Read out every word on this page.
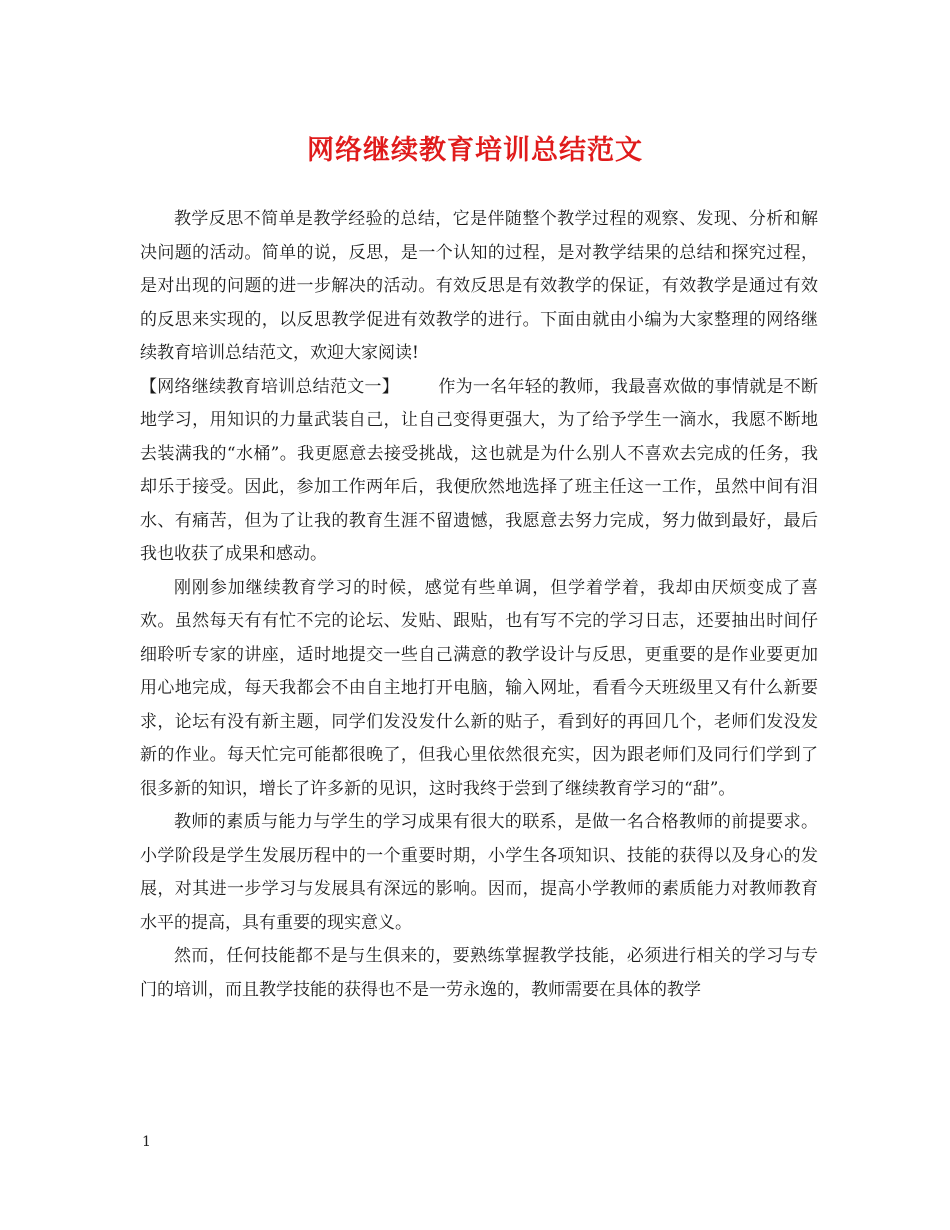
网络继续教育培训总结范文

教学反思不简单是教学经验的总结，它是伴随整个教学过程的观察、发现、分析和解决问题的活动。简单的说，反思，是一个认知的过程，是对教学结果的总结和探究过程，是对出现的问题的进一步解决的活动。有效反思是有效教学的保证，有效教学是通过有效的反思来实现的，以反思教学促进有效教学的进行。下面由就由小编为大家整理的网络继续教育培训总结范文，欢迎大家阅读!

【网络继续教育培训总结范文一】 作为一名年轻的教师，我最喜欢做的事情就是不断地学习，用知识的力量武装自己，让自己变得更强大，为了给予学生一滴水，我愿不断地去装满我的“水桶”。我更愿意去接受挑战，这也就是为什么别人不喜欢去完成的任务，我却乐于接受。因此，参加工作两年后，我便欣然地选择了班主任这一工作，虽然中间有泪水、有痛苦，但为了让我的教育生涯不留遗憾，我愿意去努力完成，努力做到最好，最后我也收获了成果和感动。

刚刚参加继续教育学习的时候，感觉有些单调，但学着学着，我却由厌烦变成了喜欢。虽然每天有有忙不完的论坛、发贴、跟贴，也有写不完的学习日志，还要抽出时间仔细聆听专家的讲座，适时地提交一些自己满意的教学设计与反思，更重要的是作业要更加用心地完成，每天我都会不由自主地打开电脑，输入网址，看看今天班级里又有什么新要求，论坛有没有新主题，同学们发没发什么新的贴子，看到好的再回几个，老师们发没发新的作业。每天忙完可能都很晚了，但我心里依然很充实，因为跟老师们及同行们学到了很多新的知识，增长了许多新的见识，这时我终于尝到了继续教育学习的“甜”。

教师的素质与能力与学生的学习成果有很大的联系，是做一名合格教师的前提要求。小学阶段是学生发展历程中的一个重要时期，小学生各项知识、技能的获得以及身心的发展，对其进一步学习与发展具有深远的影响。因而，提高小学教师的素质能力对教师教育水平的提高，具有重要的现实意义。

然而，任何技能都不是与生俱来的，要熟练掌握教学技能，必须进行相关的学习与专门的培训，而且教学技能的获得也不是一劳永逸的，教师需要在具体的教学

1
